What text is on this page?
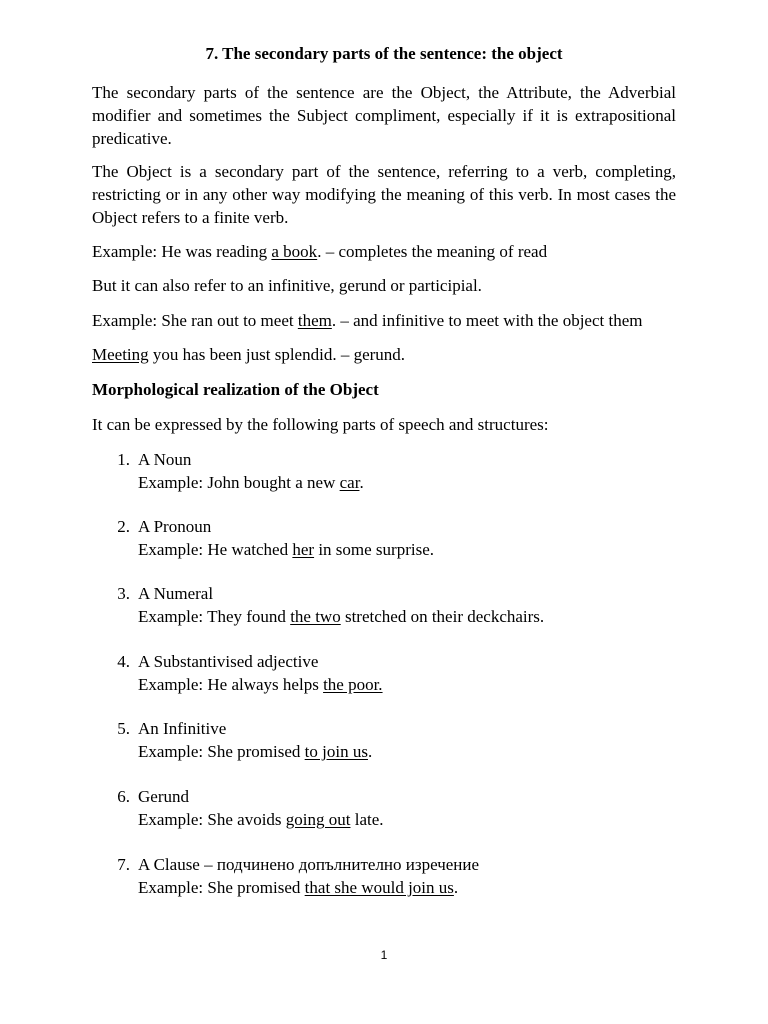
7. The secondary parts of the sentence: the object

The secondary parts of the sentence are the Object, the Attribute, the Adverbial modifier and sometimes the Subject compliment, especially if it is extrapositional predicative.

The Object is a secondary part of the sentence, referring to a verb, completing, restricting or in any other way modifying the meaning of this verb. In most cases the Object refers to a finite verb.

Example: He was reading a book. – completes the meaning of read

But it can also refer to an infinitive, gerund or participial.

Example: She ran out to meet them. – and infinitive to meet with the object them

Meeting you has been just splendid. – gerund.

Morphological realization of the Object

It can be expressed by the following parts of speech and structures:

1. A Noun
Example: John bought a new car.
2. A Pronoun
Example: He watched her in some surprise.
3. A Numeral
Example: They found the two stretched on their deckchairs.
4. A Substantivised adjective
Example: He always helps the poor.
5. An Infinitive
Example: She promised to join us.
6. Gerund
Example: She avoids going out late.
7. A Clause – подчинено допълнително изречение
Example: She promised that she would join us.
1
